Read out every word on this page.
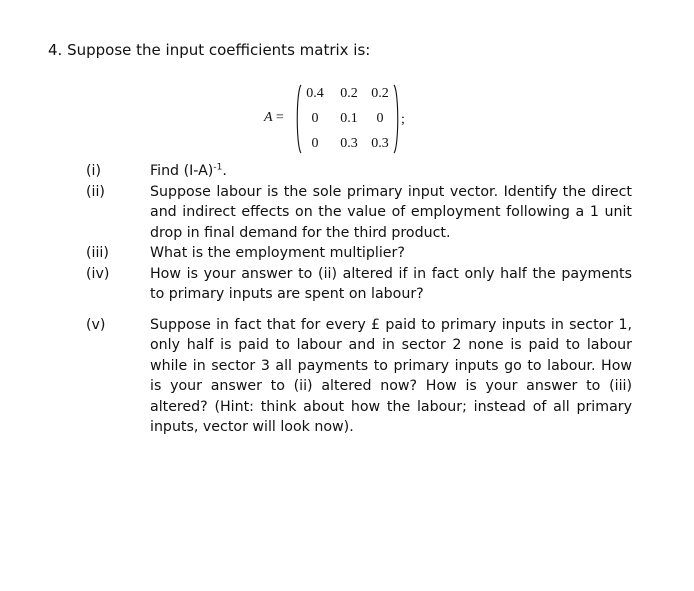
4. Suppose the input coefficients matrix is:
A =
0.4	0.2 0.2
0	0.1	0
0	0.3 0.3
;
(i)	Find $(I-A)^{-1}$.
(ii)	Suppose labour is the sole primary input vector. Identify the direct and indirect effects on the value of employment following a 1 unit drop in final demand for the third product.
(iii)	What is the employment multiplier?
(iv)	How is your answer to (ii) altered if in fact only half the payments to primary inputs are spent on labour?
(v)	Suppose in fact that for every £ paid to primary inputs in sector 1, only half is paid to labour and in sector 2 none is paid to labour while in sector 3 all payments to primary inputs go to labour. How is your answer to (ii) altered now? How is your answer to (iii) altered? (Hint: think about how the labour; instead of all primary inputs, vector will look now).
